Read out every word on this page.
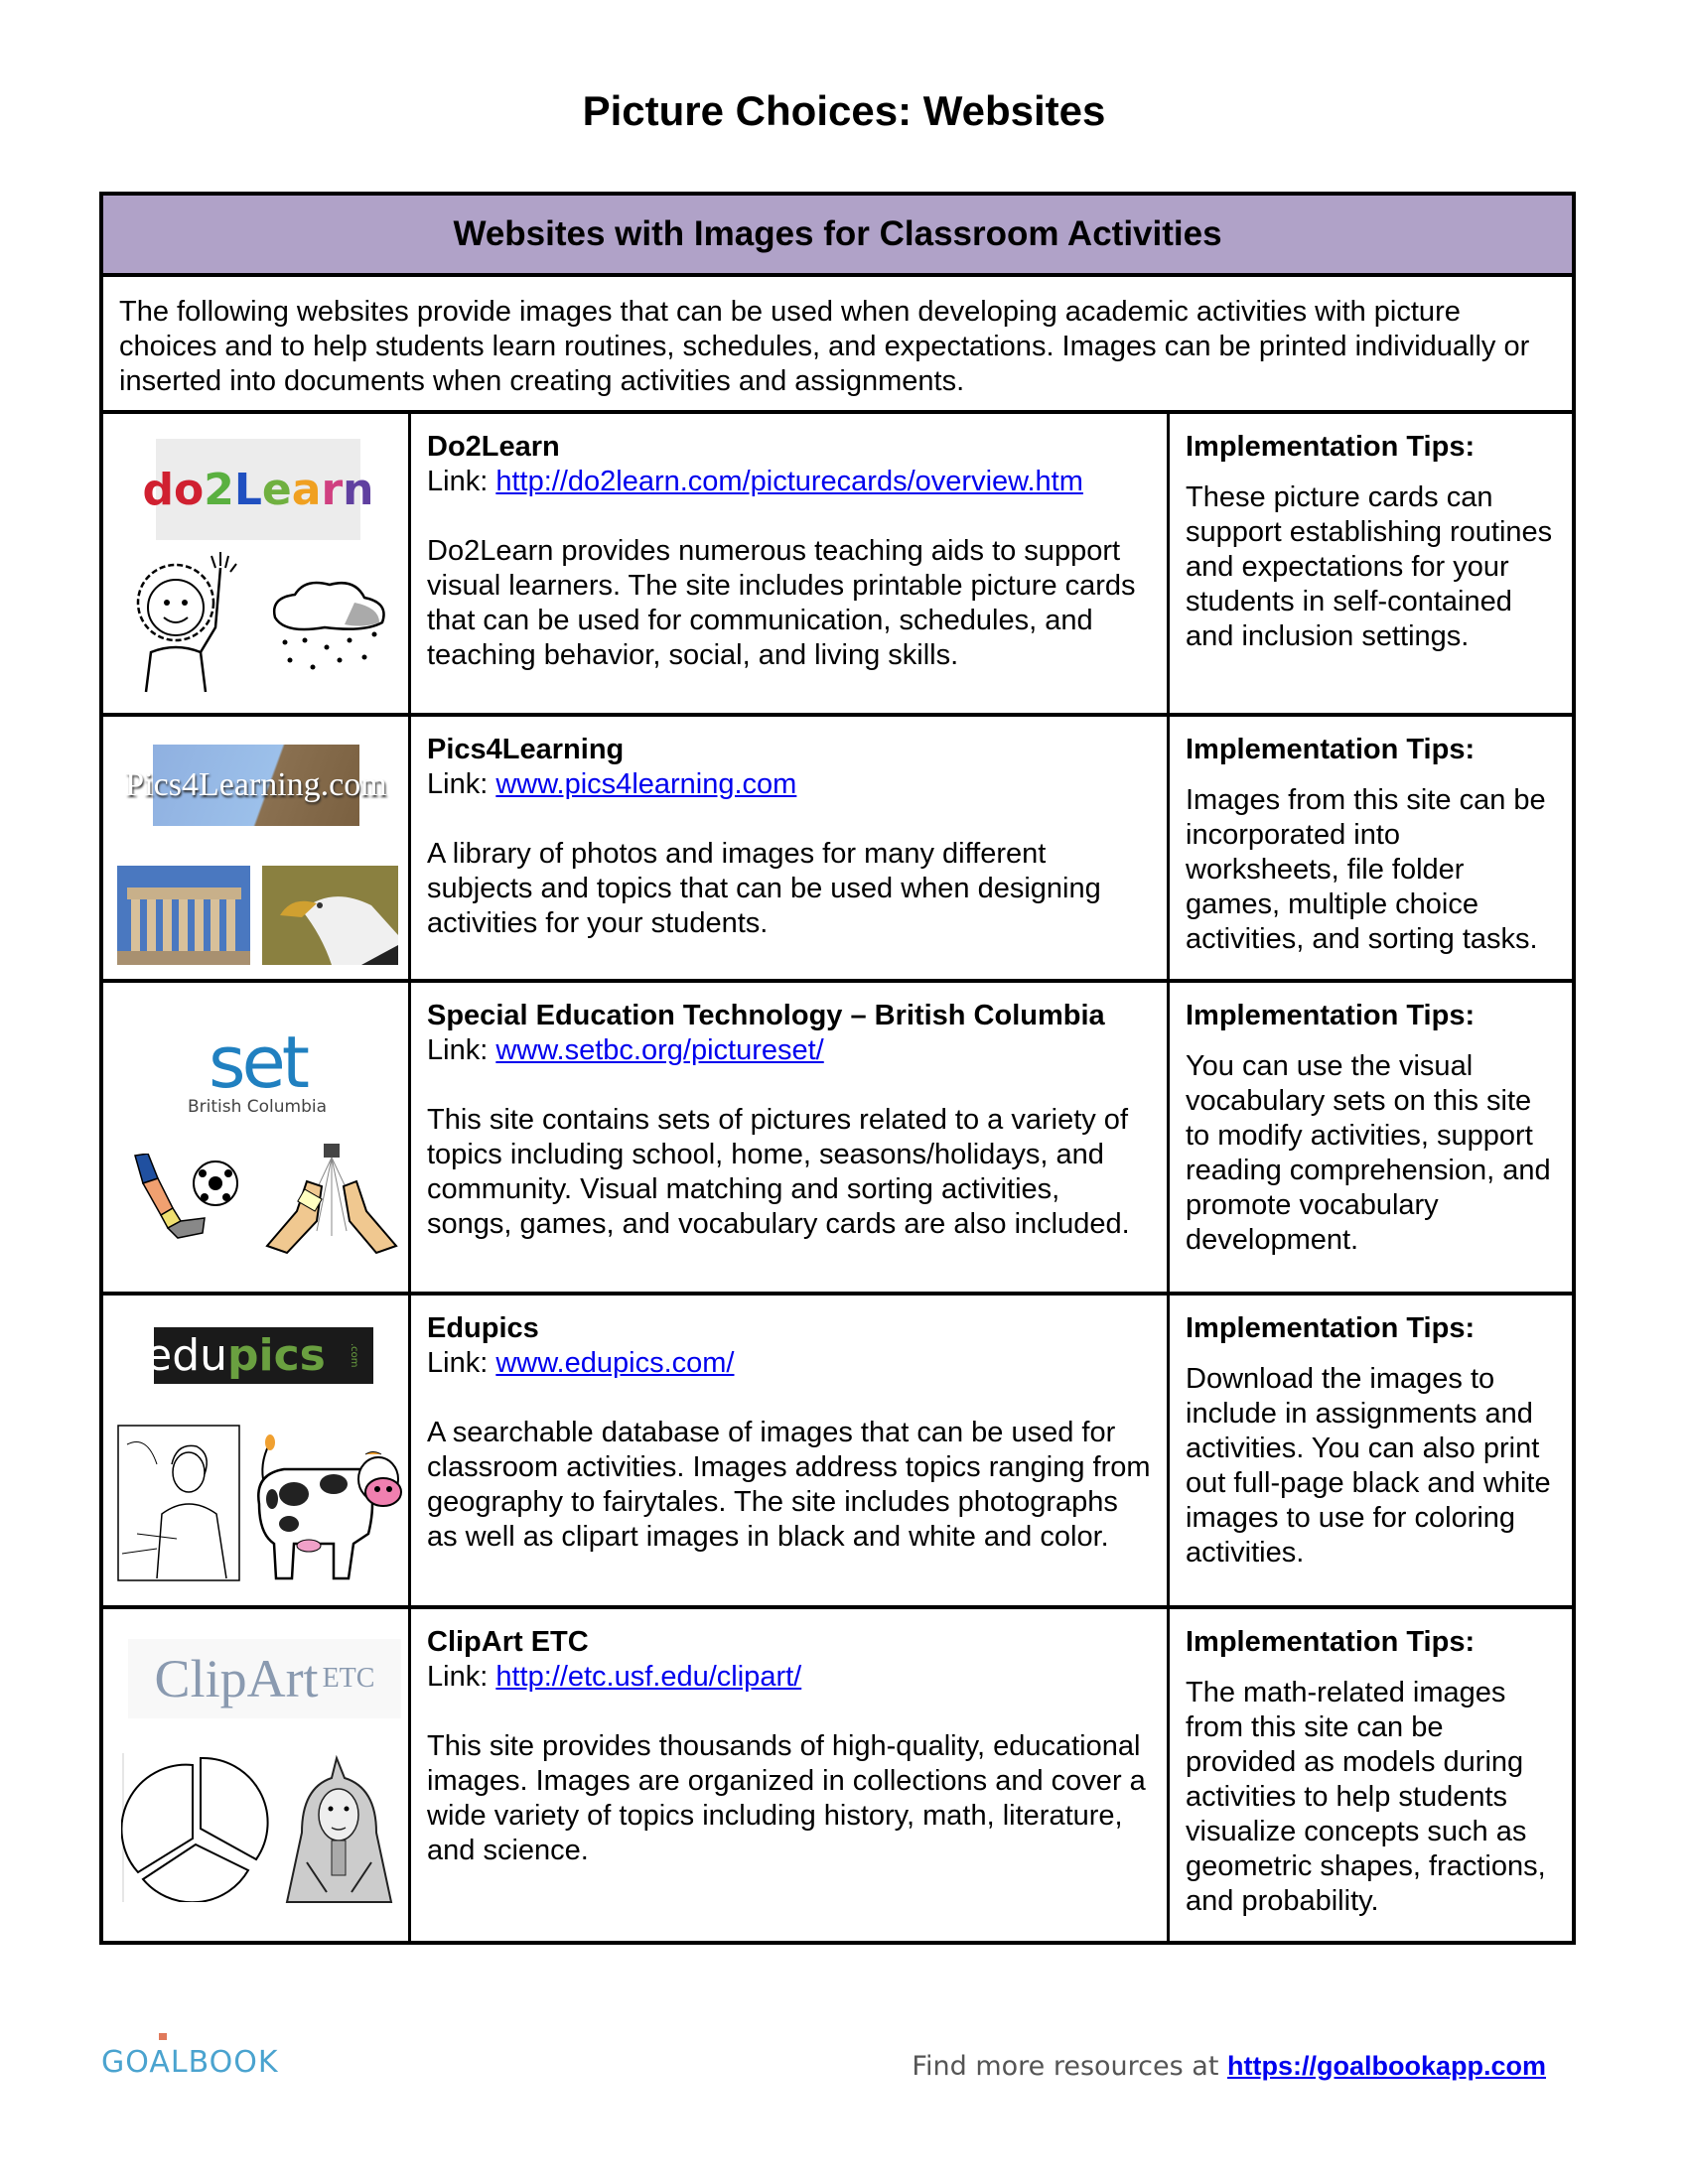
Picture Choices: Websites
Websites with Images for Classroom Activities
The following websites provide images that can be used when developing academic activities with picture choices and to help students learn routines, schedules, and expectations. Images can be printed individually or inserted into documents when creating activities and assignments.
do 2 L e a r n
Do2Learn
Link: http://do2learn.com/picturecards/overview.htm
Do2Learn provides numerous teaching aids to support visual learners. The site includes printable picture cards that can be used for communication, schedules, and teaching behavior, social, and living skills.
Implementation Tips:
These picture cards can support establishing routines and expectations for your students in self-contained and inclusion settings.
Pics4Learning.com
Pics4Learning
Link: www.pics4learning.com
A library of photos and images for many different subjects and topics that can be used when designing activities for your students.
Implementation Tips:
Images from this site can be incorporated into worksheets, file folder games, multiple choice activities, and sorting tasks.
set
British Columbia
Special Education Technology – British Columbia
Link: www.setbc.org/pictureset/
This site contains sets of pictures related to a variety of topics including school, home, seasons/holidays, and community. Visual matching and sorting activities, songs, games, and vocabulary cards are also included.
Implementation Tips:
You can use the visual vocabulary sets on this site to modify activities, support reading comprehension, and promote vocabulary development.
edu pics	.com
Edupics
Link: www.edupics.com/
A searchable database of images that can be used for classroom activities. Images address topics ranging from geography to fairytales. The site includes photographs as well as clipart images in black and white and color.
Implementation Tips:
Download the images to include in assignments and activities. You can also print out full-page black and white images to use for coloring activities.
ClipArt
ETC
ClipArt ETC
Link: http://etc.usf.edu/clipart/
This site provides thousands of high-quality, educational images. Images are organized in collections and cover a wide variety of topics including history, math, literature, and science.
Implementation Tips:
The math-related images from this site can be provided as models during activities to help students visualize concepts such as geometric shapes, fractions, and probability.
GOALBOOK	Find more resources at https://goalbookapp.com
